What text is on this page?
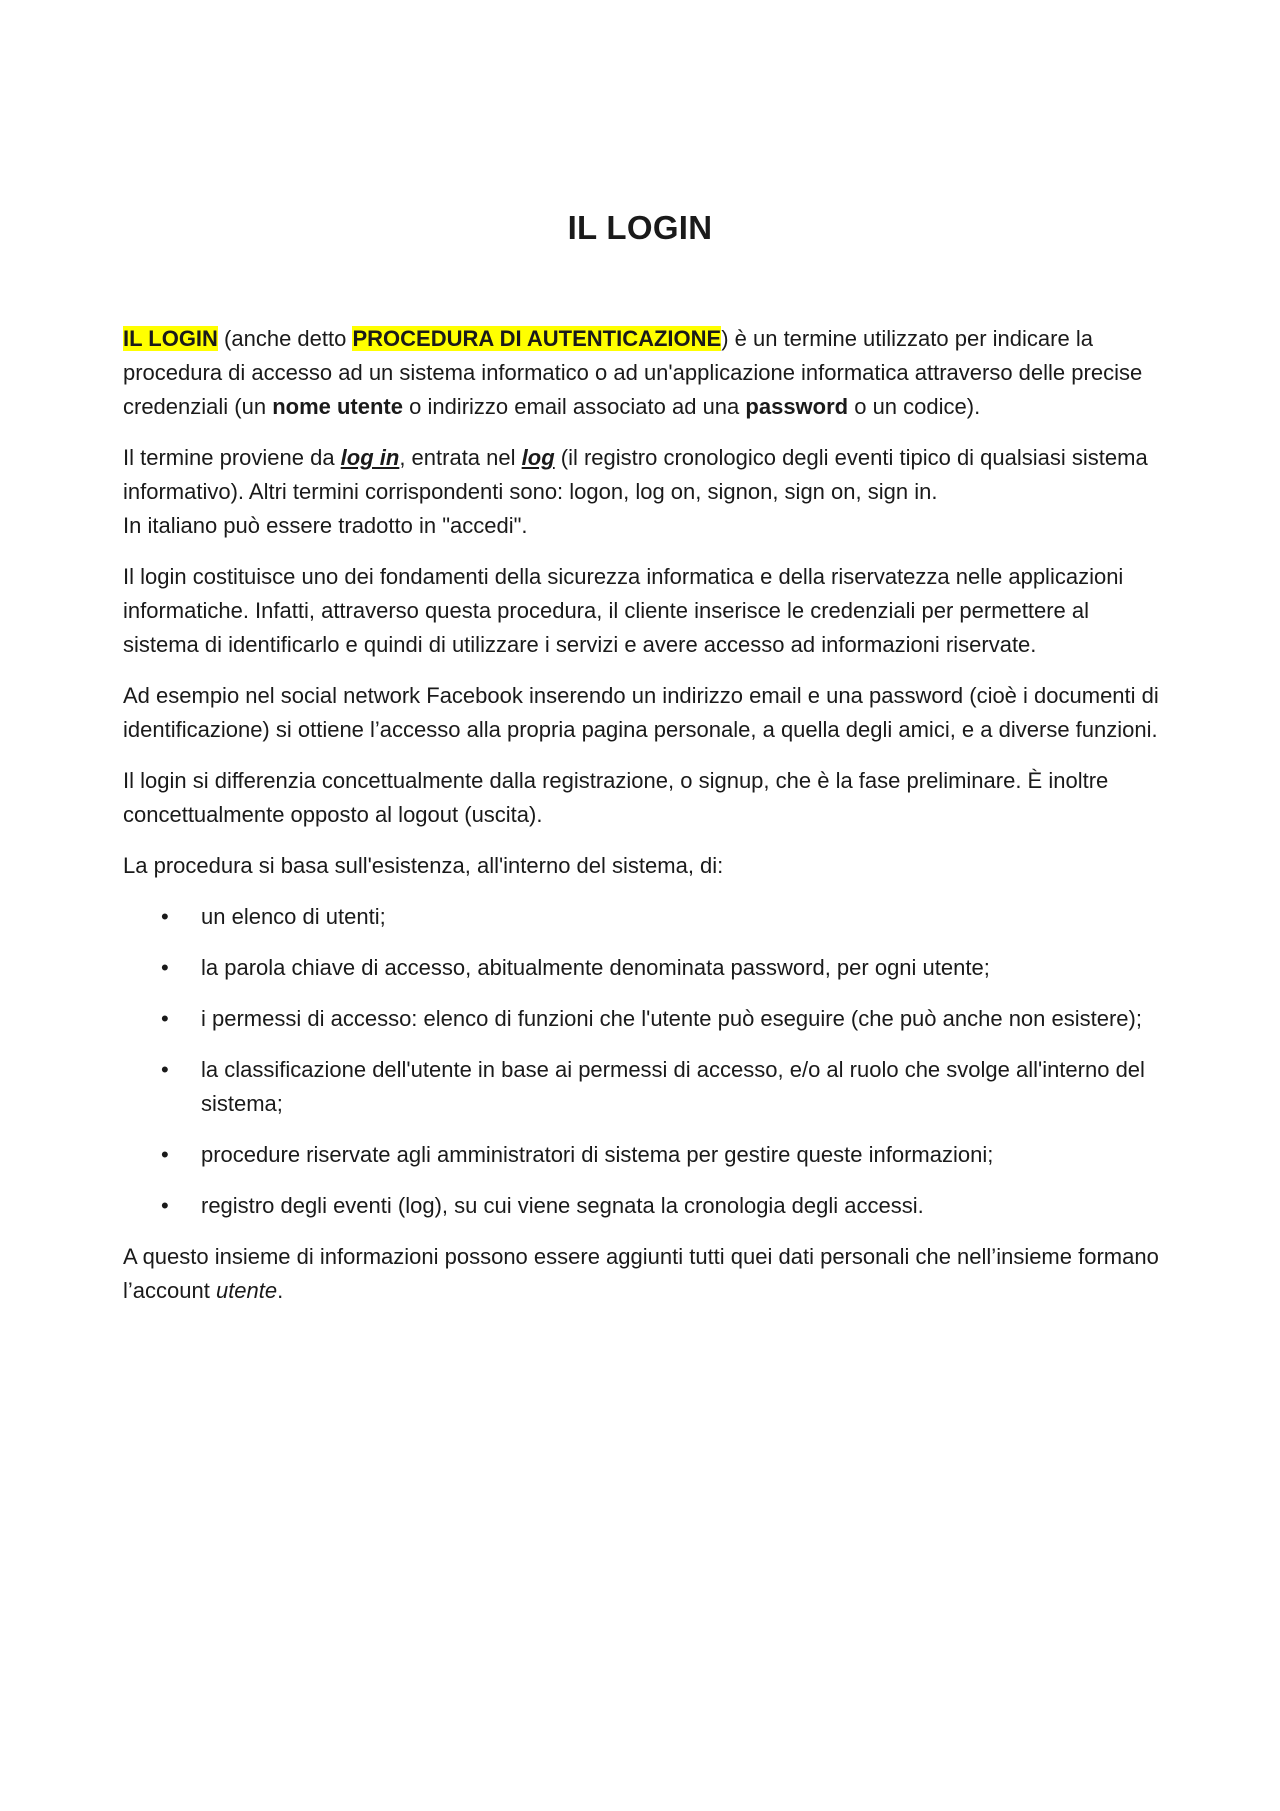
IL LOGIN

IL LOGIN (anche detto PROCEDURA DI AUTENTICAZIONE) è un termine utilizzato per indicare la procedura di accesso ad un sistema informatico o ad un'applicazione informatica attraverso delle precise credenziali (un nome utente o indirizzo email associato ad una password o un codice).

Il termine proviene da log in, entrata nel log (il registro cronologico degli eventi tipico di qualsiasi sistema informativo). Altri termini corrispondenti sono: logon, log on, signon, sign on, sign in.
In italiano può essere tradotto in "accedi".

Il login costituisce uno dei fondamenti della sicurezza informatica e della riservatezza nelle applicazioni informatiche. Infatti, attraverso questa procedura, il cliente inserisce le credenziali per permettere al sistema di identificarlo e quindi di utilizzare i servizi e avere accesso ad informazioni riservate.

Ad esempio nel social network Facebook inserendo un indirizzo email e una password (cioè i documenti di identificazione) si ottiene l’accesso alla propria pagina personale, a quella degli amici, e a diverse funzioni.

Il login si differenzia concettualmente dalla registrazione, o signup, che è la fase preliminare. È inoltre concettualmente opposto al logout (uscita).

La procedura si basa sull'esistenza, all'interno del sistema, di:

• un elenco di utenti;
• la parola chiave di accesso, abitualmente denominata password, per ogni utente;
• i permessi di accesso: elenco di funzioni che l'utente può eseguire (che può anche non esistere);
• la classificazione dell'utente in base ai permessi di accesso, e/o al ruolo che svolge all'interno del sistema;
• procedure riservate agli amministratori di sistema per gestire queste informazioni;
• registro degli eventi (log), su cui viene segnata la cronologia degli accessi.

A questo insieme di informazioni possono essere aggiunti tutti quei dati personali che nell’insieme formano l’account utente.
